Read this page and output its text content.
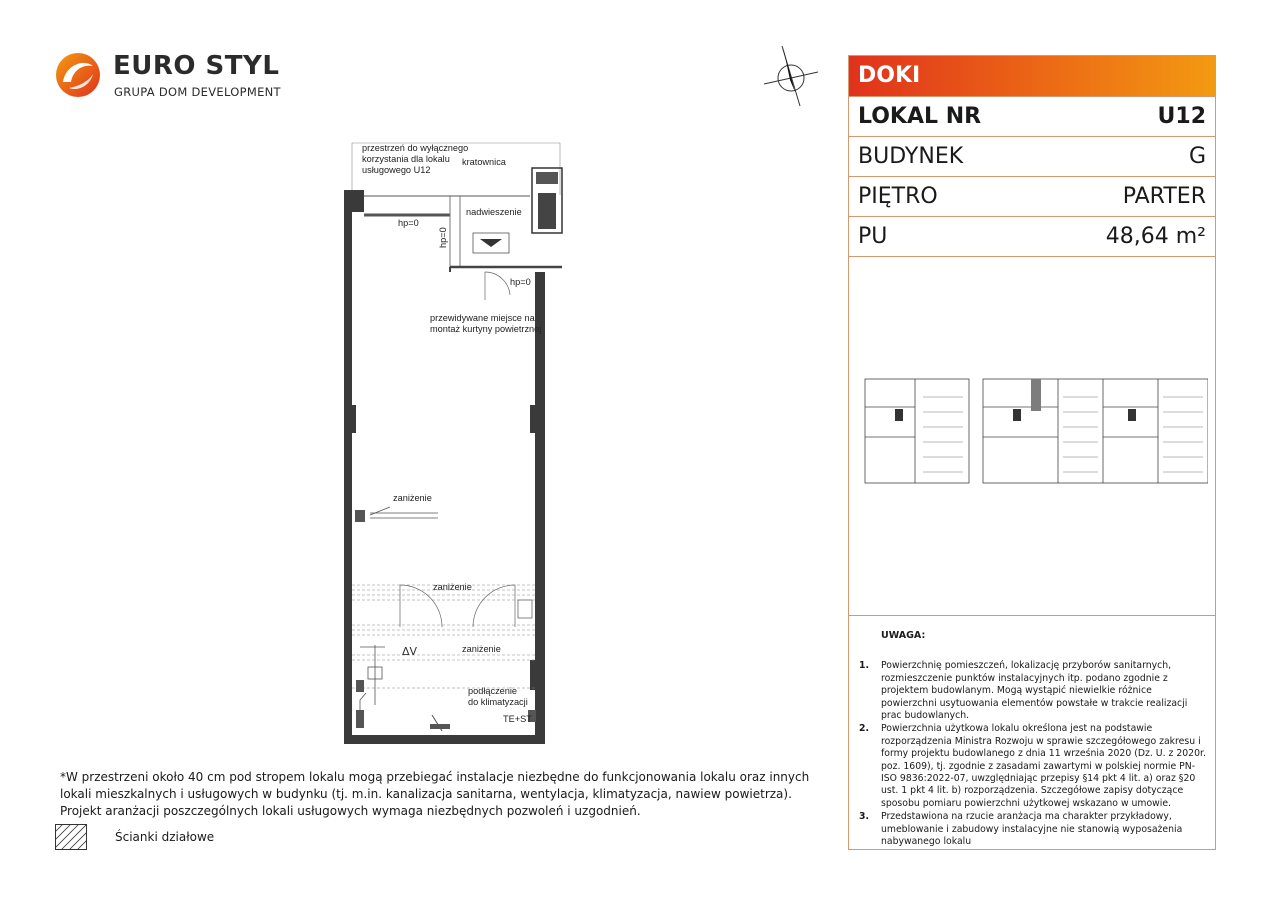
EURO STYL
GRUPA DOM DEVELOPMENT
ΔV
przestrzeń do wyłącznego
korzystania dla lokalu
usługowego U12
kratownica
nadwieszenie
hp=0
hp=0
hp=0
przewidywane miejsce na
montaż kurtyny powietrznej
zaniżenie
zaniżenie
zaniżenie
podłączenie
do klimatyzacji
TE+ST
DOKI
LOKAL NR	U12
BUDYNEK	G
PIĘTRO	PARTER
PU	48,64 m²
UWAGA:
1.	Powierzchnię pomieszczeń, lokalizację przyborów sanitarnych, rozmieszczenie punktów instalacyjnych itp. podano zgodnie z projektem budowlanym. Mogą wystąpić niewielkie różnice powierzchni usytuowania elementów powstałe w trakcie realizacji prac budowlanych.
2.	Powierzchnia użytkowa lokalu określona jest na podstawie rozporządzenia Ministra Rozwoju w sprawie szczegółowego zakresu i formy projektu budowlanego z dnia 11 września 2020 (Dz. U. z 2020r. poz. 1609), tj. zgodnie z zasadami zawartymi w polskiej normie PN-ISO 9836:2022-07, uwzględniając przepisy §14 pkt 4 lit. a) oraz §20 ust. 1 pkt 4 lit. b) rozporządzenia. Szczegółowe zapisy dotyczące sposobu pomiaru powierzchni użytkowej wskazano w umowie.
3.	Przedstawiona na rzucie aranżacja ma charakter przykładowy, umeblowanie i zabudowy instalacyjne nie stanowią wyposażenia nabywanego lokalu
*W przestrzeni około 40 cm pod stropem lokalu mogą przebiegać instalacje niezbędne do funkcjonowania lokalu oraz innych lokali mieszkalnych i usługowych w budynku (tj. m.in. kanalizacja sanitarna, wentylacja, klimatyzacja, nawiew powietrza). Projekt aranżacji poszczególnych lokali usługowych wymaga niezbędnych pozwoleń i uzgodnień.
Ścianki działowe
